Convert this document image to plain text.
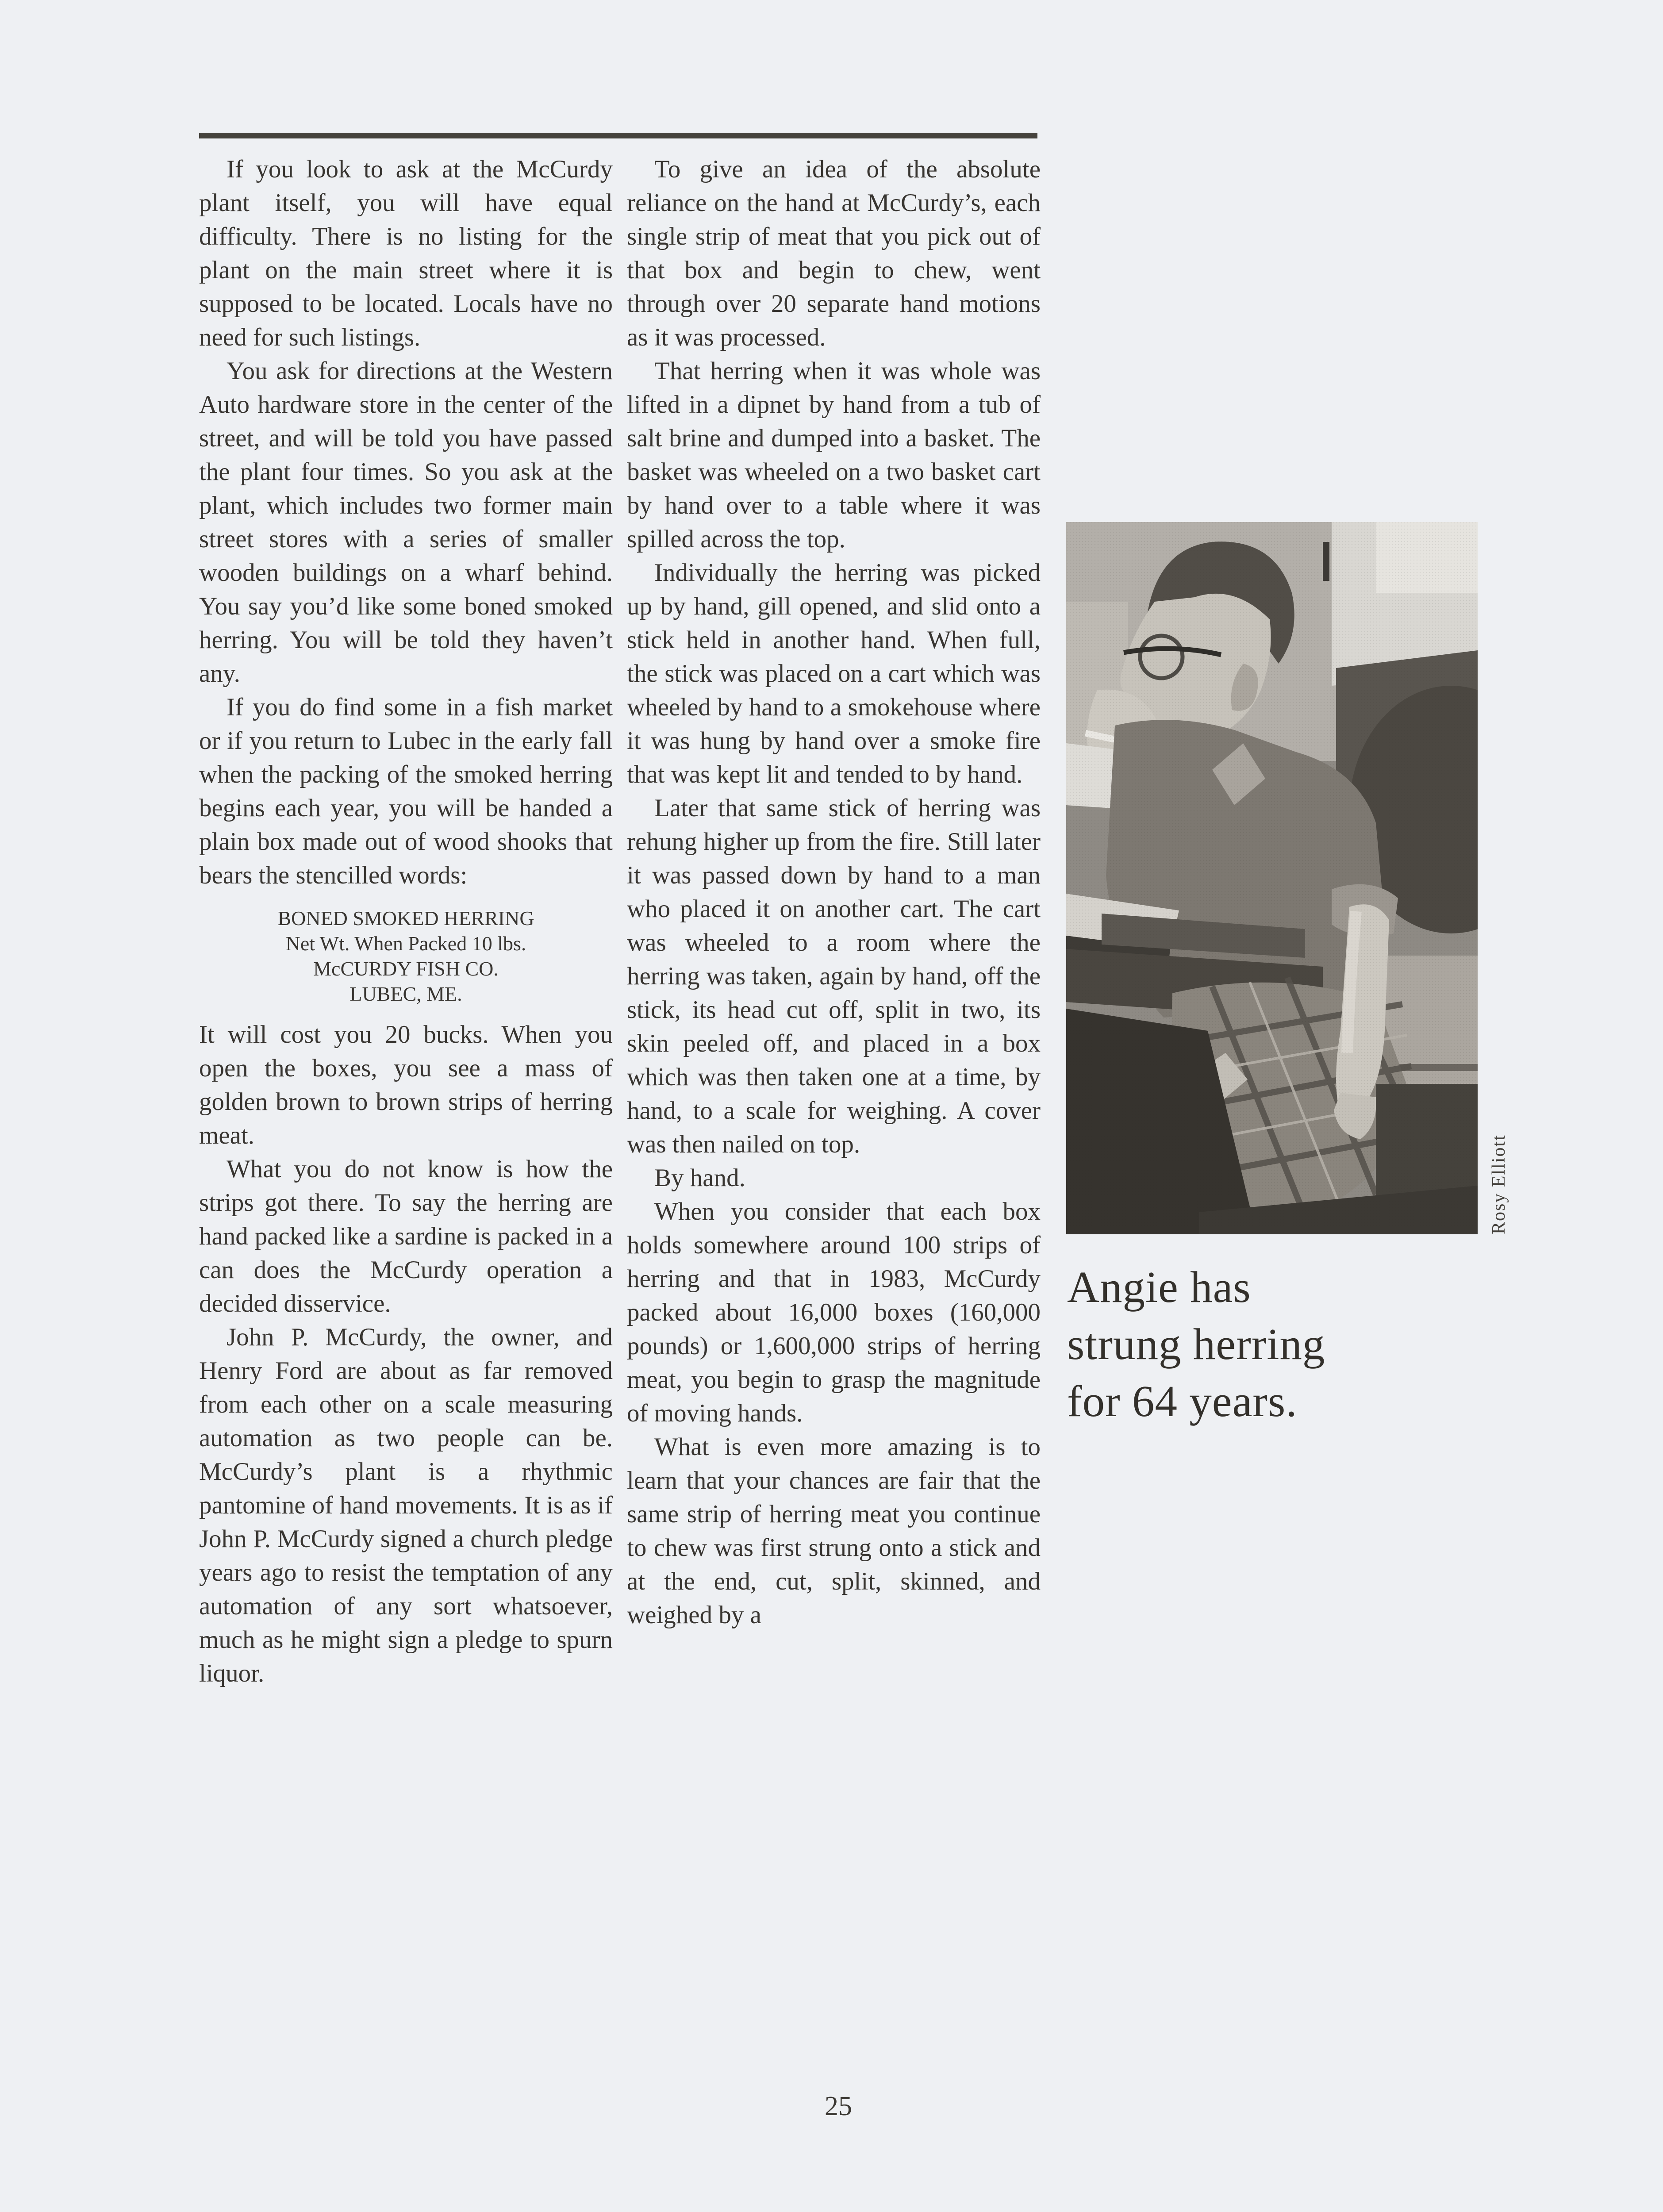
If you look to ask at the McCurdy plant itself, you will have equal difficulty. There is no listing for the plant on the main street where it is supposed to be located. Locals have no need for such listings.

You ask for directions at the Western Auto hardware store in the center of the street, and will be told you have passed the plant four times. So you ask at the plant, which includes two former main street stores with a series of smaller wooden buildings on a wharf behind. You say you’d like some boned smoked herring. You will be told they haven’t any.

If you do find some in a fish market or if you return to Lubec in the early fall when the packing of the smoked herring begins each year, you will be handed a plain box made out of wood shooks that bears the stencilled words:

BONED SMOKED HERRING
Net Wt. When Packed 10 lbs.
McCURDY FISH CO.
LUBEC, ME.

It will cost you 20 bucks. When you open the boxes, you see a mass of golden brown to brown strips of herring meat.

What you do not know is how the strips got there. To say the herring are hand packed like a sardine is packed in a can does the McCurdy operation a decided disservice.

John P. McCurdy, the owner, and Henry Ford are about as far removed from each other on a scale measuring automation as two people can be. McCurdy’s plant is a rhythmic pantomine of hand movements. It is as if John P. McCurdy signed a church pledge years ago to resist the temptation of any automation of any sort whatsoever, much as he might sign a pledge to spurn liquor.

To give an idea of the absolute reliance on the hand at McCurdy’s, each single strip of meat that you pick out of that box and begin to chew, went through over 20 separate hand motions as it was processed.

That herring when it was whole was lifted in a dipnet by hand from a tub of salt brine and dumped into a basket. The basket was wheeled on a two basket cart by hand over to a table where it was spilled across the top.

Individually the herring was picked up by hand, gill opened, and slid onto a stick held in another hand. When full, the stick was placed on a cart which was wheeled by hand to a smokehouse where it was hung by hand over a smoke fire that was kept lit and tended to by hand.

Later that same stick of herring was rehung higher up from the fire. Still later it was passed down by hand to a man who placed it on another cart. The cart was wheeled to a room where the herring was taken, again by hand, off the stick, its head cut off, split in two, its skin peeled off, and placed in a box which was then taken one at a time, by hand, to a scale for weighing. A cover was then nailed on top.

By hand.

When you consider that each box holds somewhere around 100 strips of herring and that in 1983, McCurdy packed about 16,000 boxes (160,000 pounds) or 1,600,000 strips of herring meat, you begin to grasp the magnitude of moving hands.

What is even more amazing is to learn that your chances are fair that the same strip of herring meat you continue to chew was first strung onto a stick and at the end, cut, split, skinned, and weighed by a

Angie has
strung herring
for 64 years.
Rosy Elliott
25
